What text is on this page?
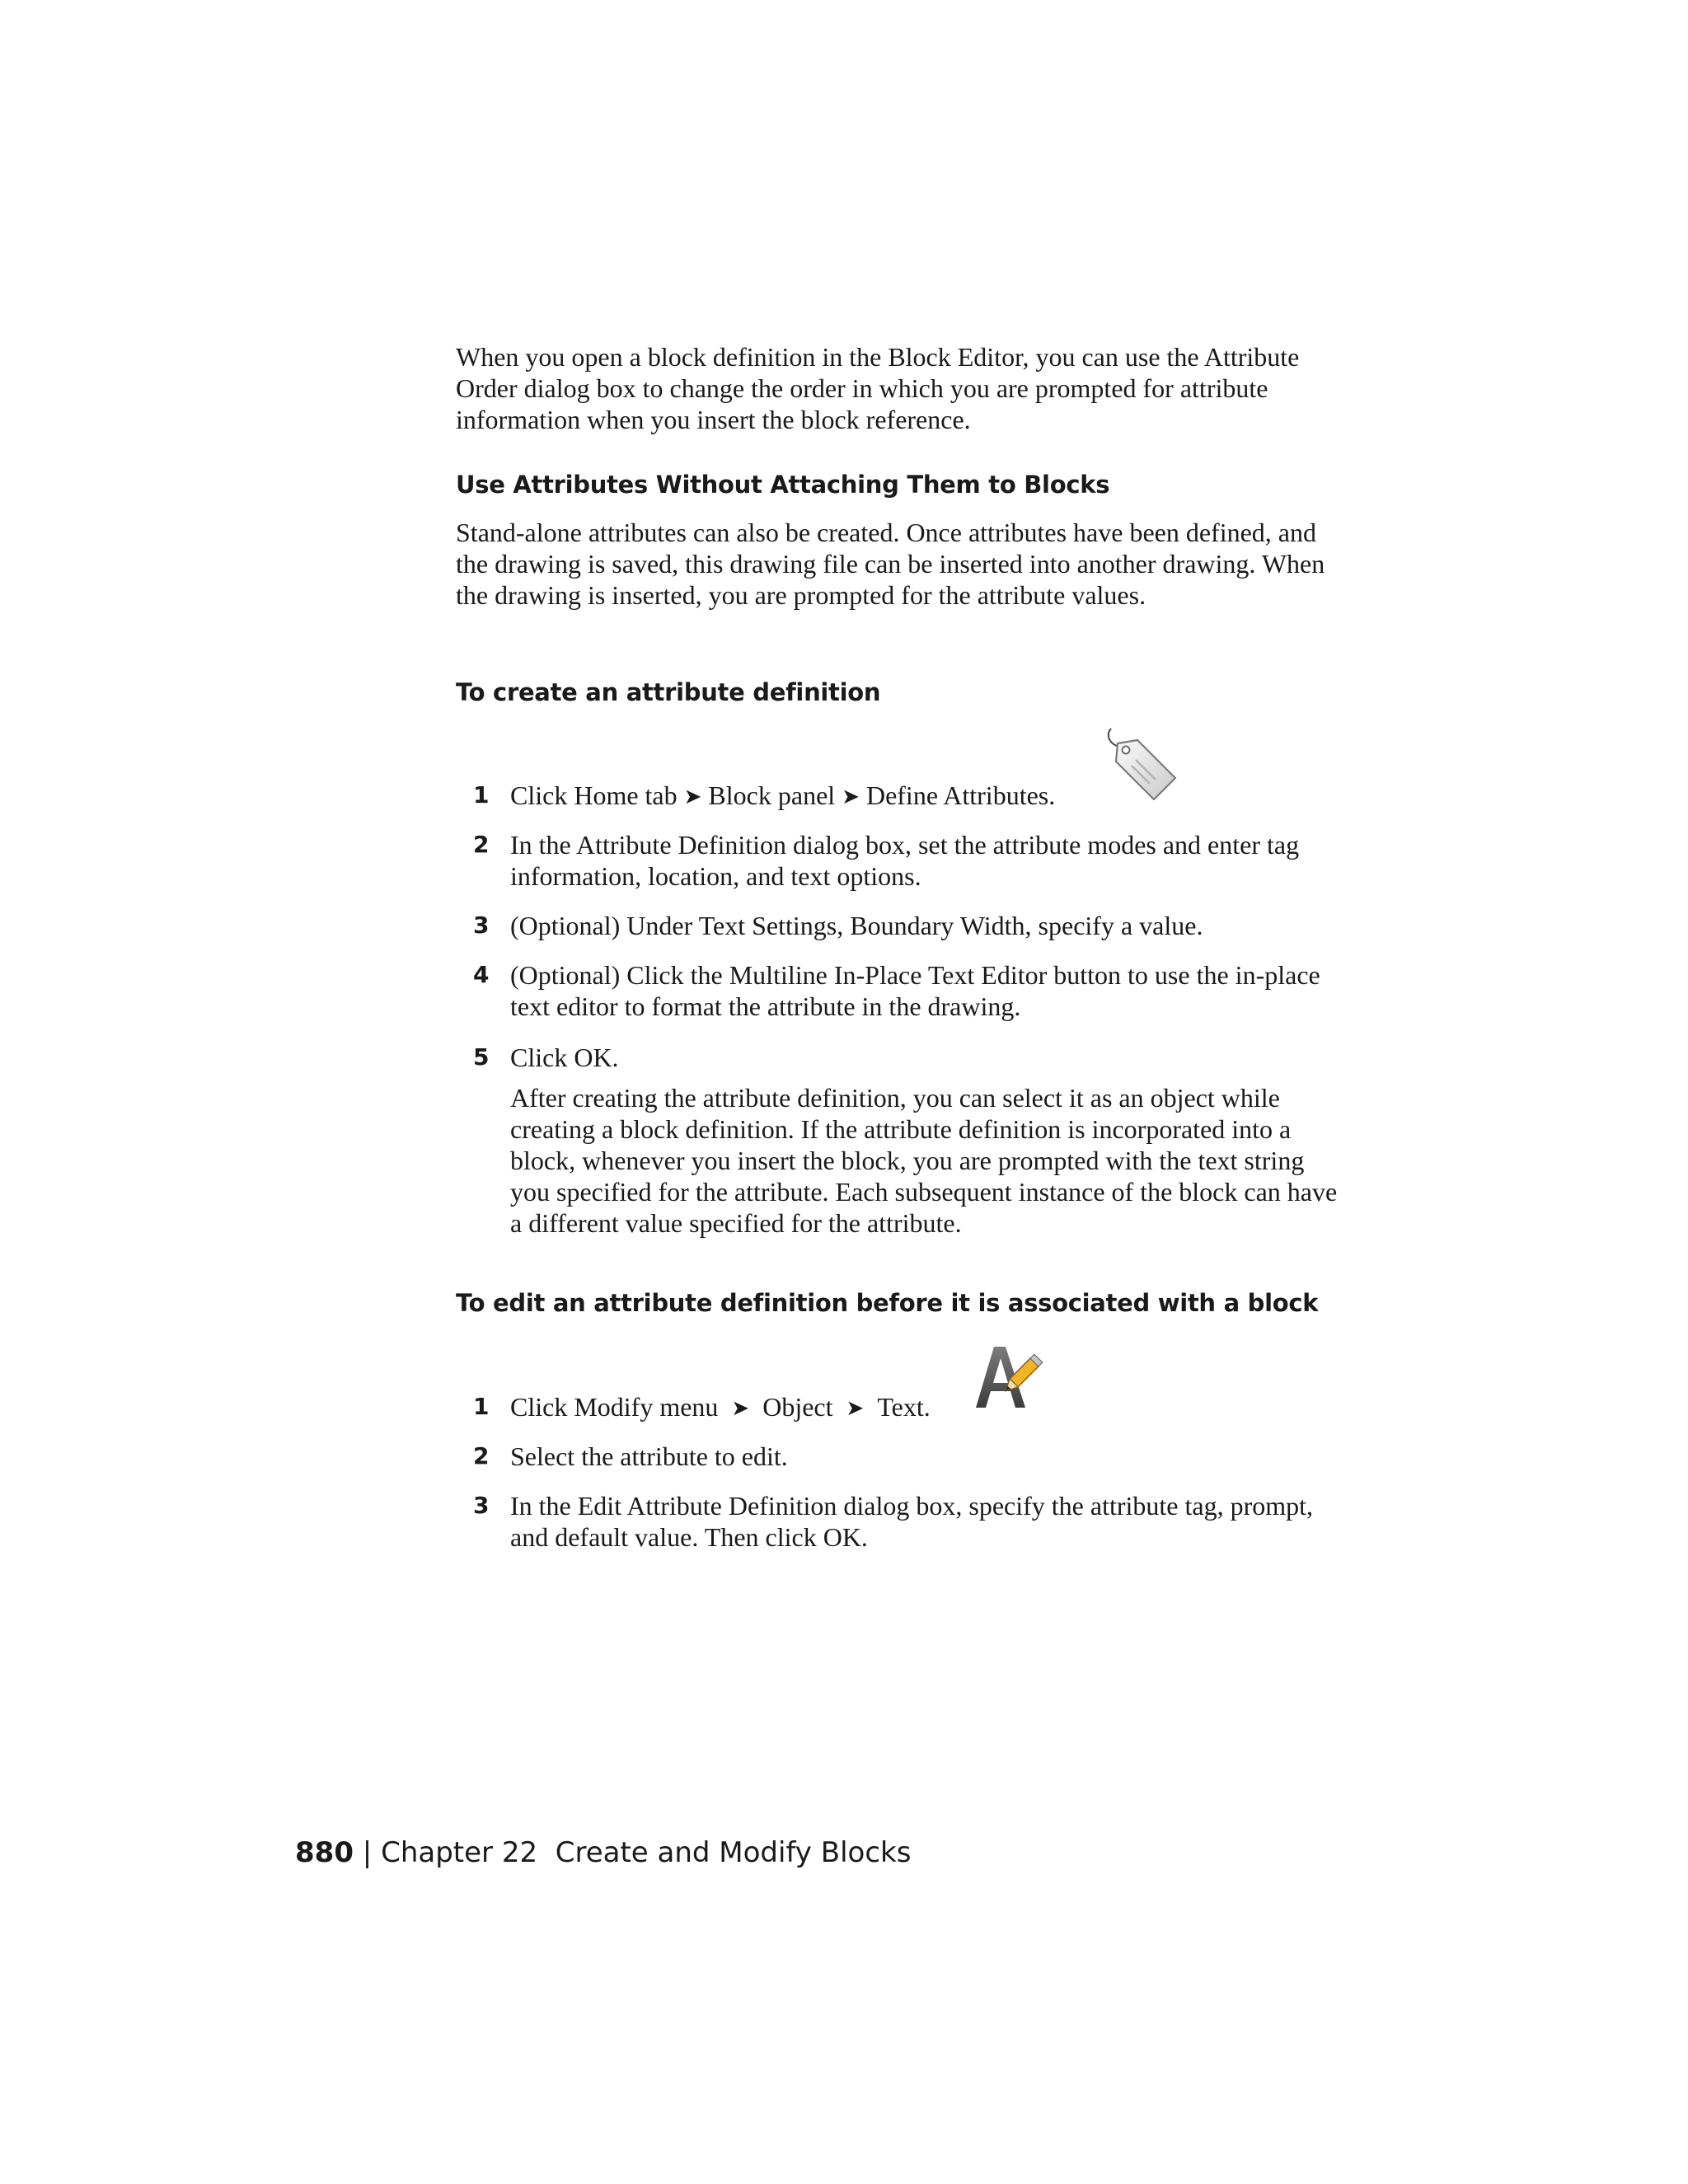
When you open a block definition in the Block Editor, you can use the Attribute Order dialog box to change the order in which you are prompted for attribute information when you insert the block reference.

Use Attributes Without Attaching Them to Blocks

Stand-alone attributes can also be created. Once attributes have been defined, and the drawing is saved, this drawing file can be inserted into another drawing. When the drawing is inserted, you are prompted for the attribute values.

To create an attribute definition
1 Click Home tab ➤ Block panel ➤ Define Attributes.
2 In the Attribute Definition dialog box, set the attribute modes and enter tag information, location, and text options.
3 (Optional) Under Text Settings, Boundary Width, specify a value.
4 (Optional) Click the Multiline In-Place Text Editor button to use the in-place text editor to format the attribute in the drawing.
5 Click OK.

After creating the attribute definition, you can select it as an object while creating a block definition. If the attribute definition is incorporated into a block, whenever you insert the block, you are prompted with the text string you specified for the attribute. Each subsequent instance of the block can have a different value specified for the attribute.

To edit an attribute definition before it is associated with a block
1 Click Modify menu ➤ Object ➤ Text.
2 Select the attribute to edit.
3 In the Edit Attribute Definition dialog box, specify the attribute tag, prompt, and default value. Then click OK.
880 | Chapter 22 Create and Modify Blocks
